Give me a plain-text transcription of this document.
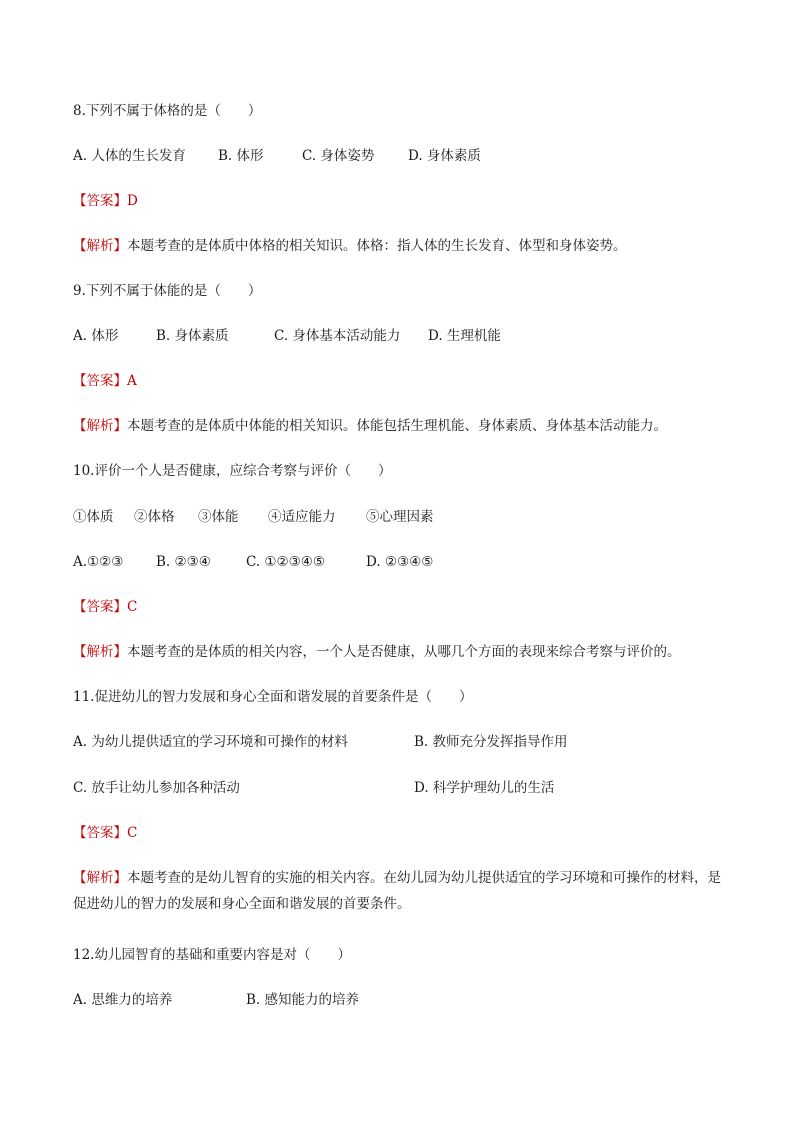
8.下列不属于体格的是（　　）
A. 人体的生长发育 B. 体形	C. 身体姿势 D. 身体素质
【答案】D
【解析】本题考查的是体质中体格的相关知识。体格：指人体的生长发育、体型和身体姿势。
9.下列不属于体能的是（　　）
A. 体形	B. 身体素质	C. 身体基本活动能力 D. 生理机能
【答案】A
【解析】本题考查的是体质中体能的相关知识。体能包括生理机能、身体素质、身体基本活动能力。
10.评价一个人是否健康，应综合考察与评价（　　）
①体质 ②体格 ③体能 ④适应能力 ⑤心理因素
A.①②③ B. ②③④	C. ①②③④⑤	D. ②③④⑤
【答案】C
【解析】本题考查的是体质的相关内容，一个人是否健康，从哪几个方面的表现来综合考察与评价的。
11.促进幼儿的智力发展和身心全面和谐发展的首要条件是（　　）
A. 为幼儿提供适宜的学习环境和可操作的材料	B. 教师充分发挥指导作用
C. 放手让幼儿参加各种活动	D. 科学护理幼儿的生活
【答案】C
【解析】本题考查的是幼儿智育的实施的相关内容。在幼儿园为幼儿提供适宜的学习环境和可操作的材料，是促进幼儿的智力的发展和身心全面和谐发展的首要条件。
12.幼儿园智育的基础和重要内容是对（　　）
A. 思维力的培养	B. 感知能力的培养
